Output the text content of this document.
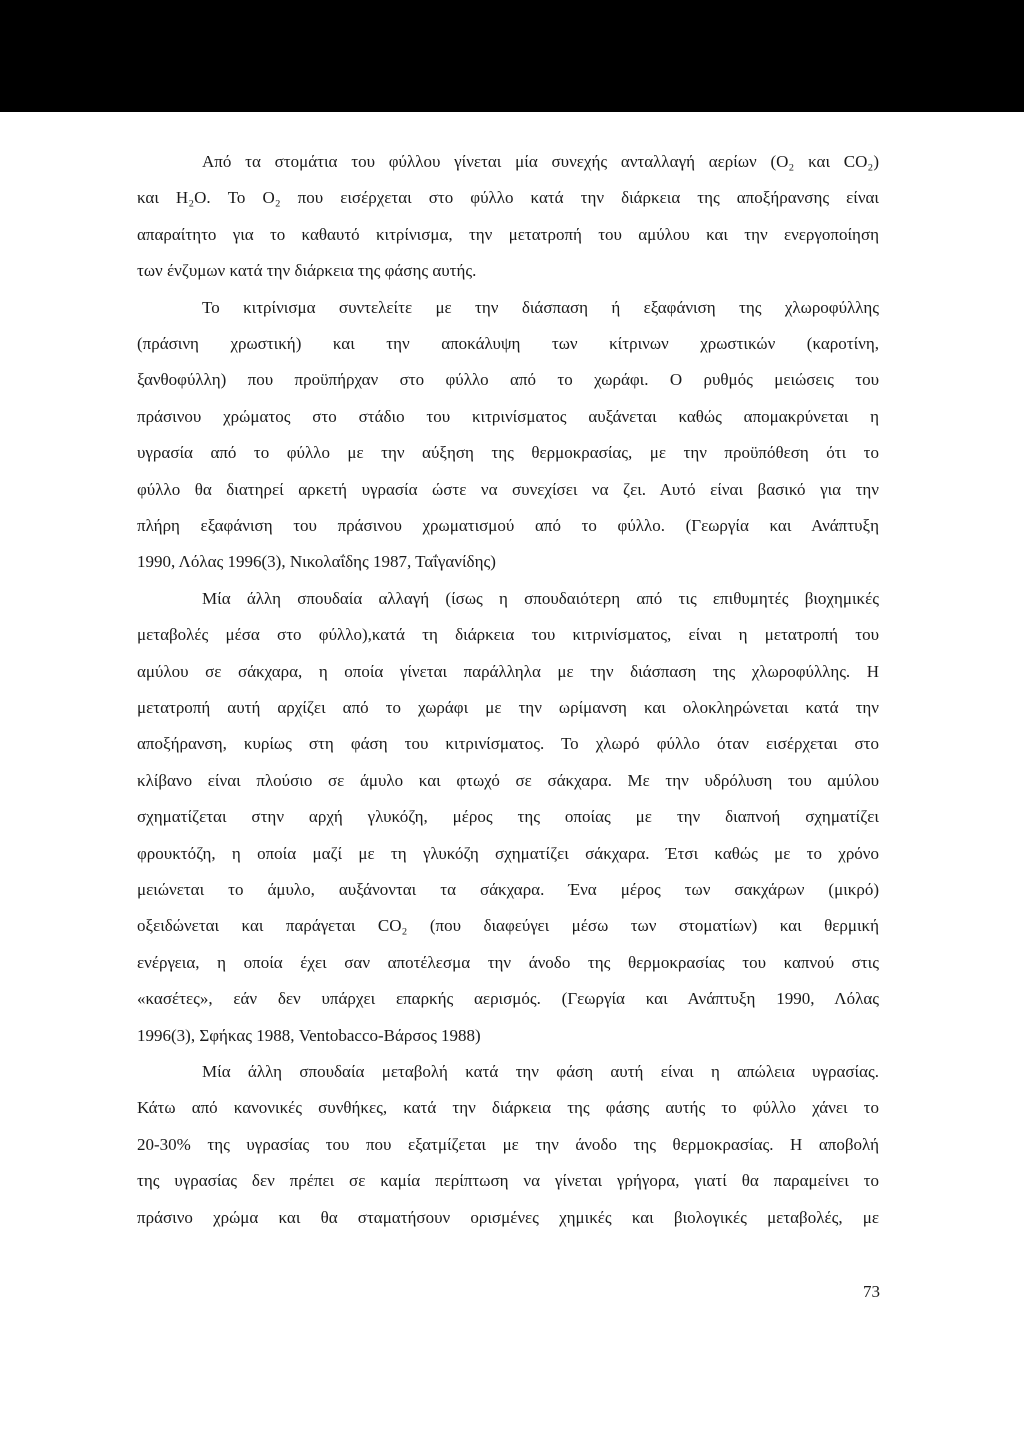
Από τα στομάτια του φύλλου γίνεται μία συνεχής ανταλλαγή αερίων (O₂ και CO₂)
και H₂O. Το O₂ που εισέρχεται στο φύλλο κατά την διάρκεια της αποξήρανσης είναι
απαραίτητο για το καθαυτό κιτρίνισμα, την μετατροπή του αμύλου και την ενεργοποίηση
των ένζυμων κατά την διάρκεια της φάσης αυτής.
Το κιτρίνισμα συντελείτε με την διάσπαση ή εξαφάνιση της χλωροφύλλης
(πράσινη χρωστική) και την αποκάλυψη των κίτρινων χρωστικών (καροτίνη,
ξανθοφύλλη) που προϋπήρχαν στο φύλλο από το χωράφι. Ο ρυθμός μειώσεις του
πράσινου χρώματος στο στάδιο του κιτρινίσματος αυξάνεται καθώς απομακρύνεται η
υγρασία από το φύλλο με την αύξηση της θερμοκρασίας, με την προϋπόθεση ότι το
φύλλο θα διατηρεί αρκετή υγρασία ώστε να συνεχίσει να ζει. Αυτό είναι βασικό για την
πλήρη εξαφάνιση του πράσινου χρωματισμού από το φύλλο. (Γεωργία και Ανάπτυξη
1990, Λόλας 1996(3), Νικολαΐδης 1987, Ταΐγανίδης)
Μία άλλη σπουδαία αλλαγή (ίσως η σπουδαιότερη από τις επιθυμητές βιοχημικές
μεταβολές μέσα στο φύλλο),κατά τη διάρκεια του κιτρινίσματος, είναι η μετατροπή του
αμύλου σε σάκχαρα, η οποία γίνεται παράλληλα με την διάσπαση της χλωροφύλλης. Η
μετατροπή αυτή αρχίζει από το χωράφι με την ωρίμανση και ολοκληρώνεται κατά την
αποξήρανση, κυρίως στη φάση του κιτρινίσματος. Το χλωρό φύλλο όταν εισέρχεται στο
κλίβανο είναι πλούσιο σε άμυλο και φτωχό σε σάκχαρα. Με την υδρόλυση του αμύλου
σχηματίζεται στην αρχή γλυκόζη, μέρος της οποίας με την διαπνοή σχηματίζει
φρουκτόζη, η οποία μαζί με τη γλυκόζη σχηματίζει σάκχαρα. Έτσι καθώς με το χρόνο
μειώνεται το άμυλο, αυξάνονται τα σάκχαρα. Ένα μέρος των σακχάρων (μικρό)
οξειδώνεται και παράγεται CO₂ (που διαφεύγει μέσω των στοματίων) και θερμική
ενέργεια, η οποία έχει σαν αποτέλεσμα την άνοδο της θερμοκρασίας του καπνού στις
«κασέτες», εάν δεν υπάρχει επαρκής αερισμός. (Γεωργία και Ανάπτυξη 1990, Λόλας
1996(3), Σφήκας 1988, Ventobacco-Βάρσος 1988)
Μία άλλη σπουδαία μεταβολή κατά την φάση αυτή είναι η απώλεια υγρασίας.
Κάτω από κανονικές συνθήκες, κατά την διάρκεια της φάσης αυτής το φύλλο χάνει το
20-30% της υγρασίας του που εξατμίζεται με την άνοδο της θερμοκρασίας. Η αποβολή
της υγρασίας δεν πρέπει σε καμία περίπτωση να γίνεται γρήγορα, γιατί θα παραμείνει το
πράσινο χρώμα και θα σταματήσουν ορισμένες χημικές και βιολογικές μεταβολές, με
73
